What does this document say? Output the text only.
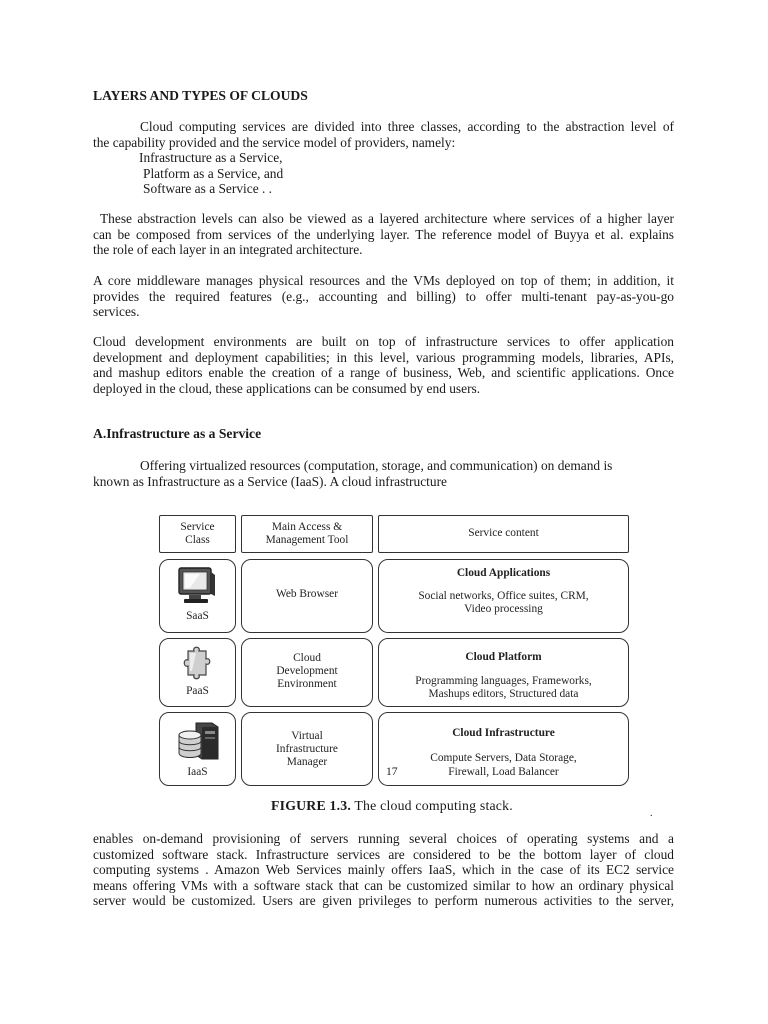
LAYERS AND TYPES OF CLOUDS

Cloud computing services are divided into three classes, according to the abstraction level of
the capability provided and the service model of providers, namely:

Infrastructure as a Service,
Platform as a Service, and
Software as a Service . .

These abstraction levels can also be viewed as a layered architecture where services of a higher layer
can be composed from services of the underlying layer. The reference model of Buyya et al. explains
the role of each layer in an integrated architecture.

A core middleware manages physical resources and the VMs deployed on top of them; in addition, it
provides the required features (e.g., accounting and billing) to offer multi-tenant pay-as-you-go
services.

Cloud development environments are built on top of infrastructure services to offer application
development and deployment capabilities; in this level, various programming models, libraries, APIs,
and mashup editors enable the creation of a range of business, Web, and scientific applications. Once
deployed in the cloud, these applications can be consumed by end users.

A.Infrastructure as a Service

Offering virtualized resources (computation, storage, and communication) on demand is
known as Infrastructure as a Service (IaaS). A cloud infrastructure

Service
Class
Main Access &
Management Tool
Service content
SaaS
Web Browser
Cloud Applications
Social networks, Office suites, CRM,
Video processing
PaaS
Cloud
Development
Environment
Cloud Platform
Programming languages, Frameworks,
Mashups editors, Structured data
IaaS
Virtual
Infrastructure
Manager
Cloud Infrastructure
Compute Servers, Data Storage,
Firewall, Load Balancer
17

FIGURE 1.3. The cloud computing stack.

.

enables on-demand provisioning of servers running several choices of operating systems and a
customized software stack. Infrastructure services are considered to be the bottom layer of cloud
computing systems . Amazon Web Services mainly offers IaaS, which in the case of its EC2 service
means offering VMs with a software stack that can be customized similar to how an ordinary physical
server would be customized. Users are given privileges to perform numerous activities to the server,
